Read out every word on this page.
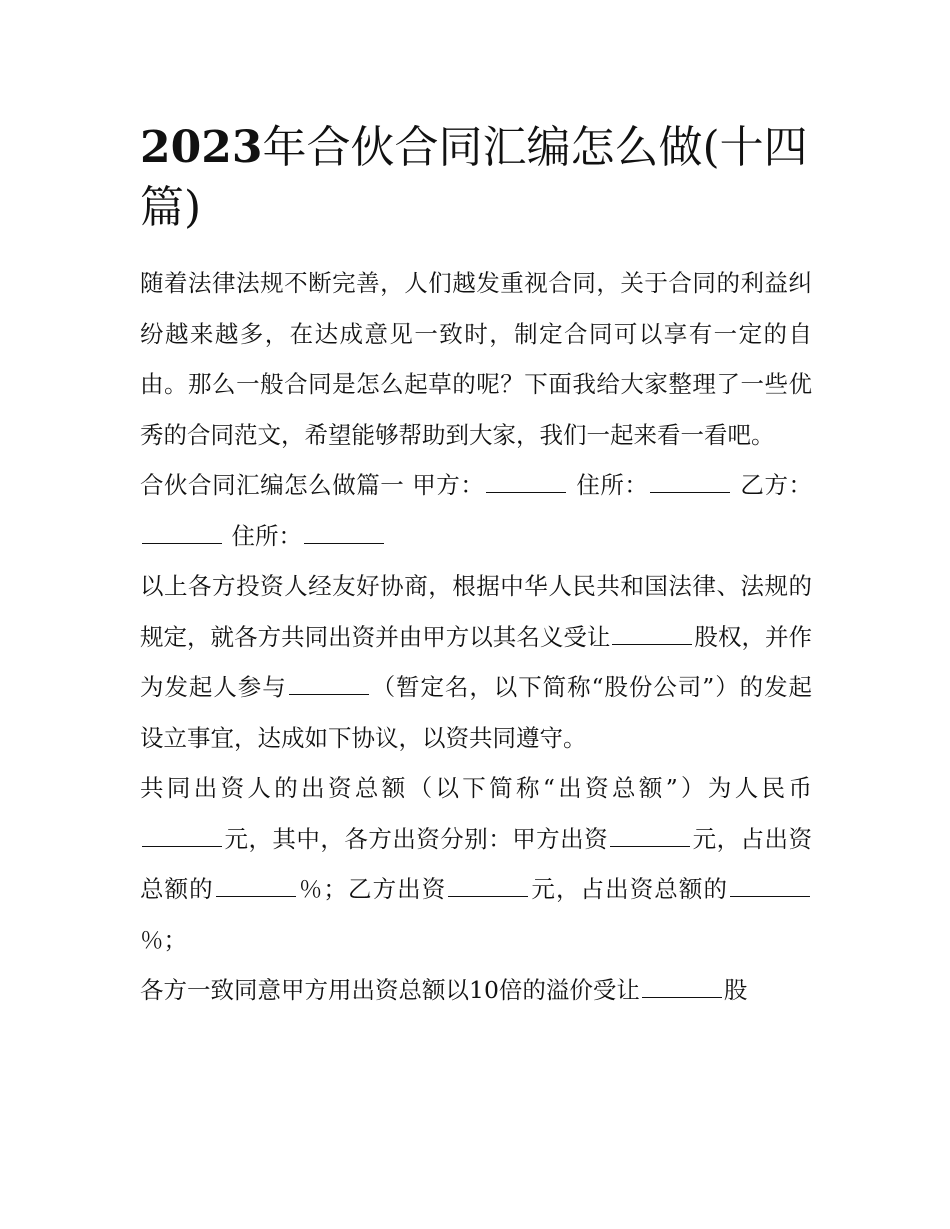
2023年合伙合同汇编怎么做(十四篇)

随着法律法规不断完善，人们越发重视合同，关于合同的利益纠纷越来越多，在达成意见一致时，制定合同可以享有一定的自由。那么一般合同是怎么起草的呢？下面我给大家整理了一些优秀的合同范文，希望能够帮助到大家，我们一起来看一看吧。

合伙合同汇编怎么做篇一 甲方：	住所：	乙方： 住所：

以上各方投资人经友好协商，根据中华人民共和国法律、法规的规定，就各方共同出资并由甲方以其名义受让	股权，并作为发起人参与	（暂定名，以下简称“股份公司”）的发起设立事宜，达成如下协议，以资共同遵守。

共同出资人的出资总额（以下简称“出资总额”）为人民币元，其中，各方出资分别：甲方出资	元，占出资总额的	％；乙方出资	元，占出资总额的％；

各方一致同意甲方用出资总额以10倍的溢价受让	股
